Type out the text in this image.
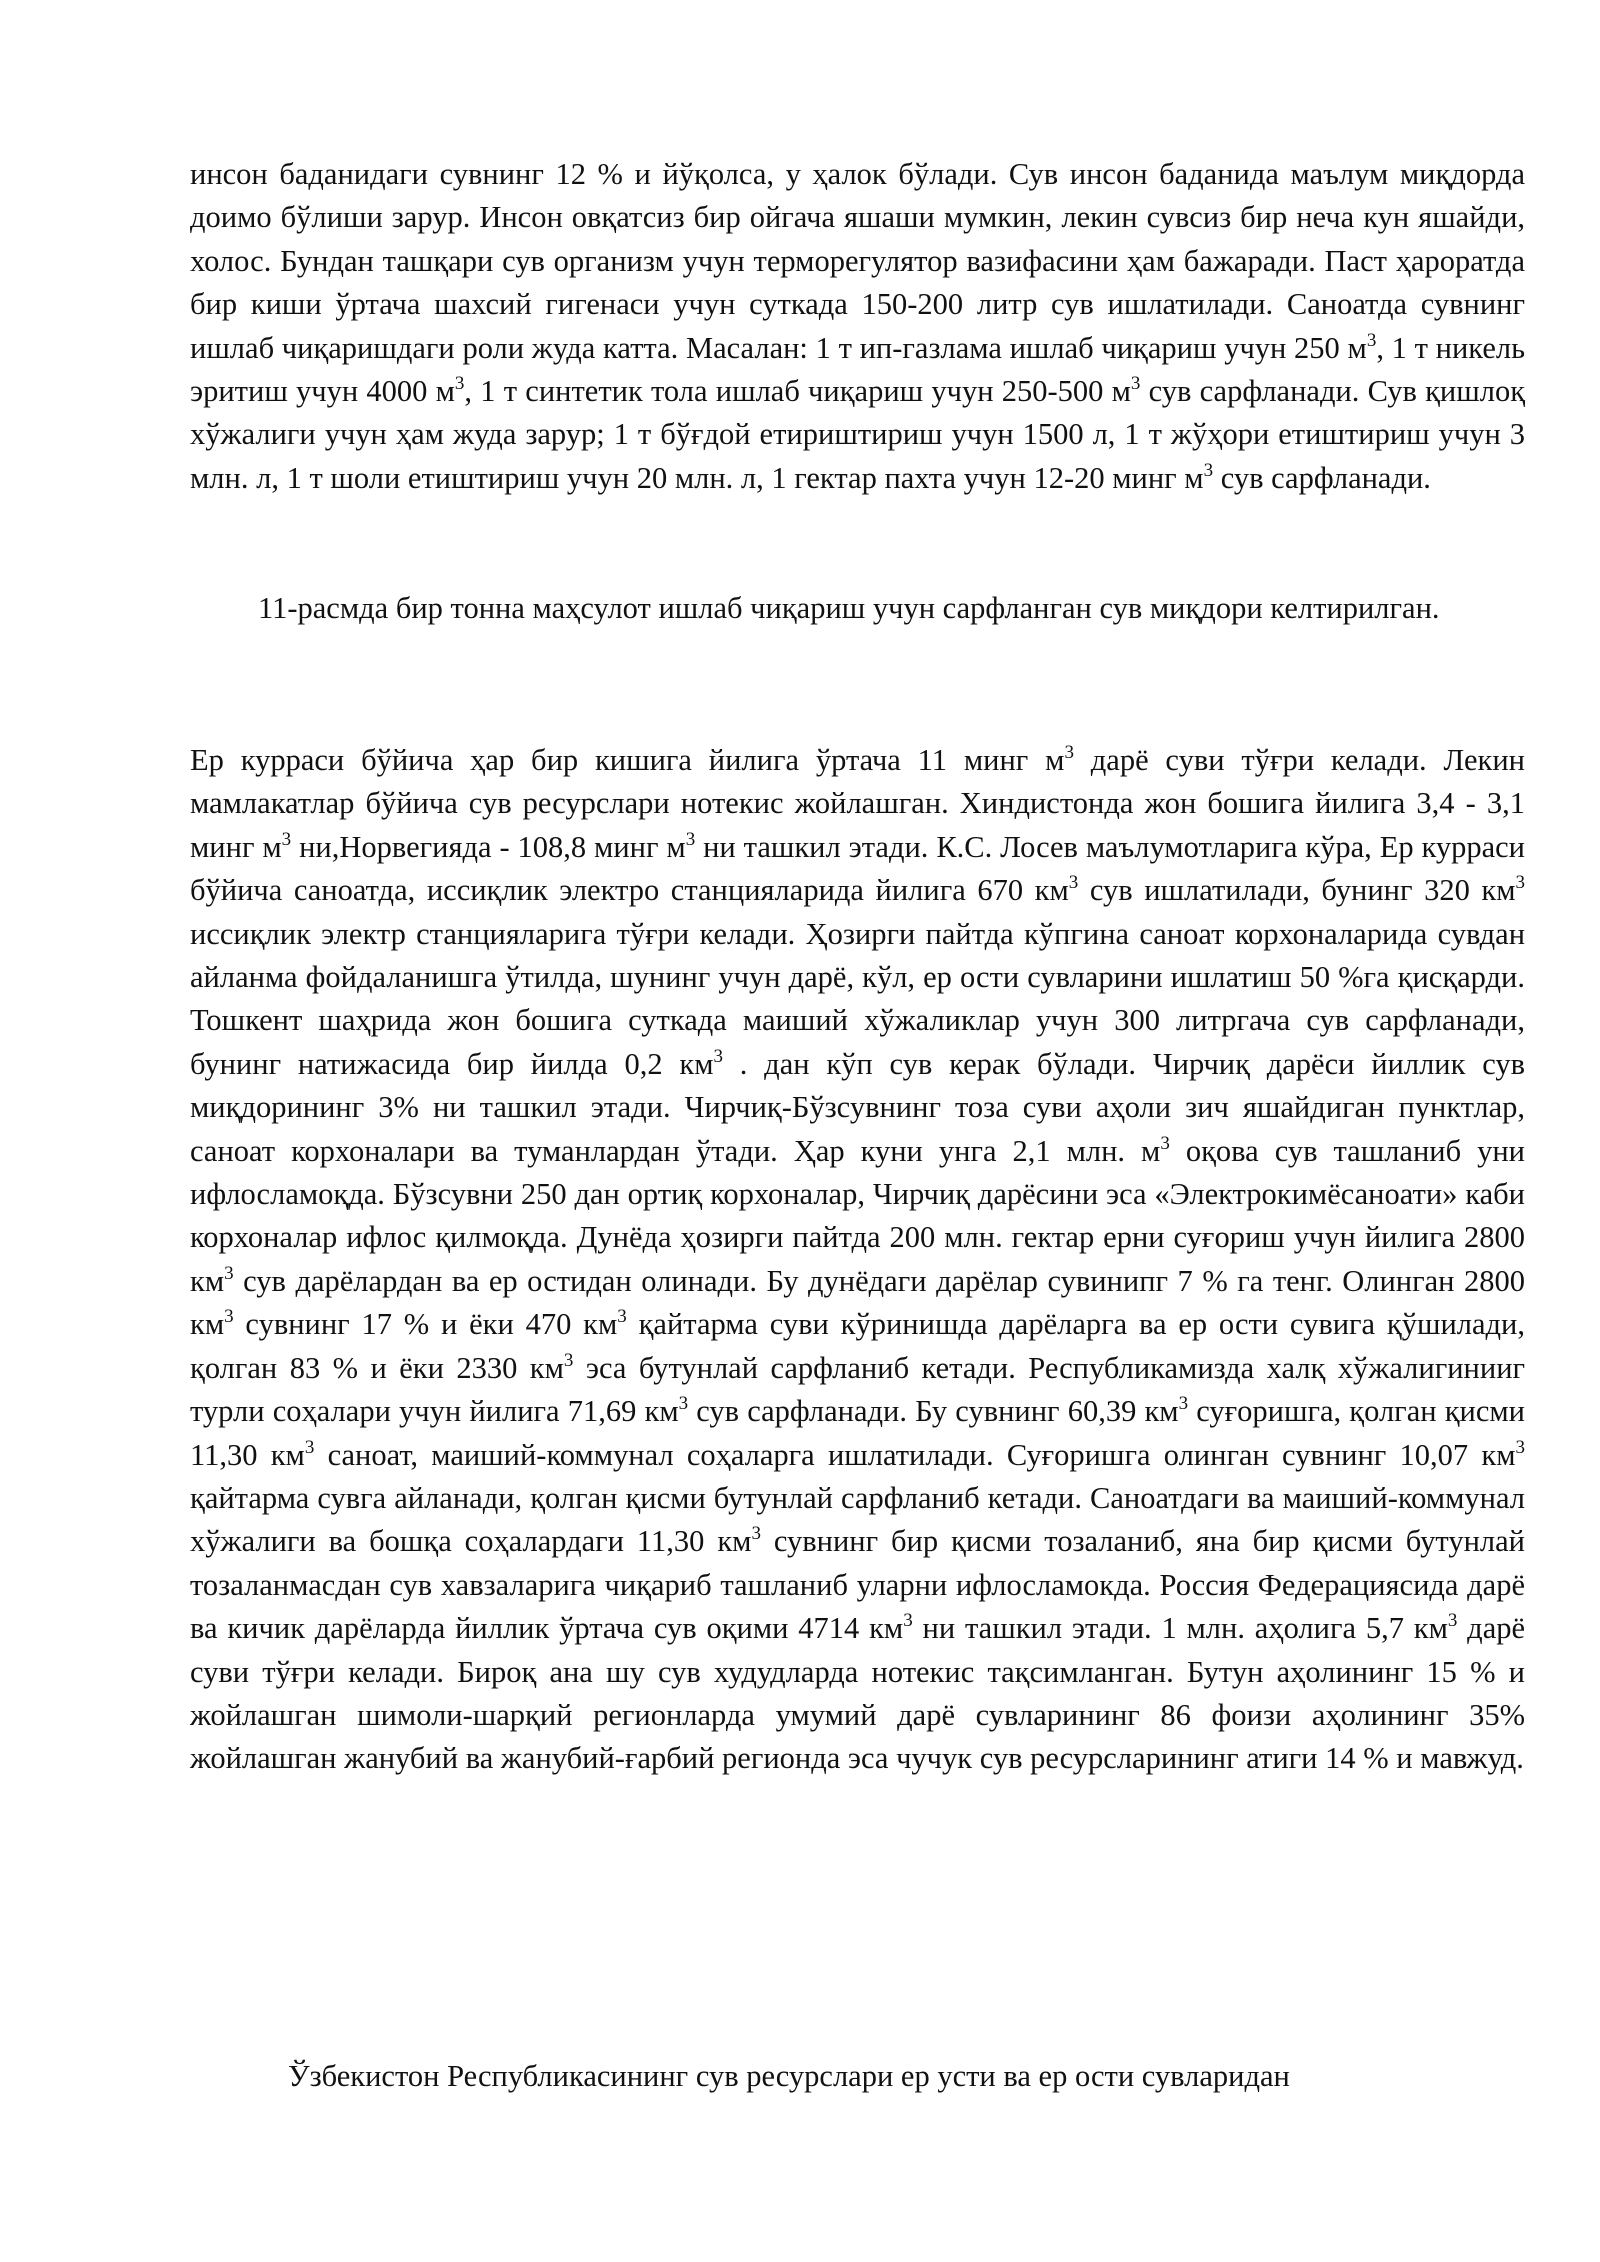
инсон баданидаги сувнинг 12 % и йўқолса, у ҳалок бўлади. Сув инсон баданида маълум миқдорда доимо бўлиши зарур. Инсон овқатсиз бир ойгача яшаши мумкин, лекин сувсиз бир неча кун яшайди, холос. Бундан ташқари сув организм учун терморегулятор вазифасини ҳам бажаради. Паст ҳароратда бир киши ўртача шахсий гигенаси учун суткада 150-200 литр сув ишлатилади. Саноатда сувнинг ишлаб чиқаришдаги роли жуда катта. Масалан: 1 т ип-газлама ишлаб чиқариш учун 250 $м^3$, 1 т никель эритиш учун 4000 $м^3$, 1 т синтетик тола ишлаб чиқариш учун 250-500 $м^3$ сув сарфланади. Сув қишлоқ хўжалиги учун ҳам жуда зарур; 1 т бўғдой етириштириш учун 1500 л, 1 т жўҳори етиштириш учун 3 млн. л, 1 т шоли етиштириш учун 20 млн. л, 1 гектар пахта учун 12-20 минг $м^3$ сув сарфланади.

11-расмда бир тонна маҳсулот ишлаб чиқариш учун сарфланган сув миқдори келтирилган.

Ер курраси бўйича ҳар бир кишига йилига ўртача 11 минг $м^3$ дарё суви тўғри келади. Лекин мамлакатлар бўйича сув ресурслари нотекис жойлашган. Хиндистонда жон бошига йилига 3,4 - 3,1 минг $м^3$ ни,Норвегияда - 108,8 минг $м^3$ ни ташкил этади. К.С. Лосев маълумотларига кўра, Ер курраси бўйича саноатда, иссиқлик электро станцияларида йилига 670 $км^3$ сув ишлатилади, бунинг 320 $км^3$ иссиқлик электр станцияларига тўғри келади. Ҳозирги пайтда кўпгина саноат корхоналарида сувдан айланма фойдаланишга ўтилда, шунинг учун дарё, кўл, ер ости сувларини ишлатиш 50 %га қисқарди. Тошкент шаҳрида жон бошига суткада маиший хўжаликлар учун 300 литргача сув сарфланади, бунинг натижасида бир йилда 0,2 $км^3$ . дан кўп сув керак бўлади. Чирчиқ дарёси йиллик сув миқдорининг 3% ни ташкил этади. Чирчиқ-Бўзсувнинг тоза суви аҳоли зич яшайдиган пунктлар, саноат корхоналари ва туманлардан ўтади. Ҳар куни унга 2,1 млн. $м^3$ оқова сув ташланиб уни ифлосламоқда. Бўзсувни 250 дан ортиқ корхоналар, Чирчиқ дарёсини эса «Электрокимёсаноати» каби корхоналар ифлос қилмоқда. Дунёда ҳозирги пайтда 200 млн. гектар ерни суғориш учун йилига 2800 $км^3$ сув дарёлардан ва ер остидан олинади. Бу дунёдаги дарёлар сувинипг 7 % га тенг. Олинган 2800 $км^3$ сувнинг 17 % и ёки 470 $км^3$ қайтарма суви кўринишда дарёларга ва ер ости сувига қўшилади, қолган 83 % и ёки 2330 $км^3$ эса бутунлай сарфланиб кетади. Республикамизда халқ хўжалигинииг турли соҳалари учун йилига 71,69 $км^3$ сув сарфланади. Бу сувнинг 60,39 $км^3$ суғоришга, қолган қисми 11,30 $км^3$ саноат, маиший-коммунал соҳаларга ишлатилади. Суғоришга олинган сувнинг 10,07 $км^3$ қайтарма сувга айланади, қолган қисми бутунлай сарфланиб кетади. Саноатдаги ва маиший-коммунал хўжалиги ва бошқа соҳалардаги 11,30 $км^3$ сувнинг бир қисми тозаланиб, яна бир қисми бутунлай тозаланмасдан сув хавзаларига чиқариб ташланиб уларни ифлосламокда. Россия Федерациясида дарё ва кичик дарёларда йиллик ўртача сув оқими 4714 $км^3$ ни ташкил этади. 1 млн. аҳолига 5,7 $км^3$ дарё суви тўғри келади. Бироқ ана шу сув худудларда нотекис тақсимланган. Бутун аҳолининг 15 % и жойлашган шимоли-шарқий регионларда умумий дарё сувларининг 86 фоизи аҳолининг 35% жойлашган жанубий ва жанубий-ғарбий регионда эса чучук сув ресурсларининг атиги 14 % и мавжуд.

Ўзбекистон Республикасининг сув ресурслари ер усти ва ер ости сувларидан
